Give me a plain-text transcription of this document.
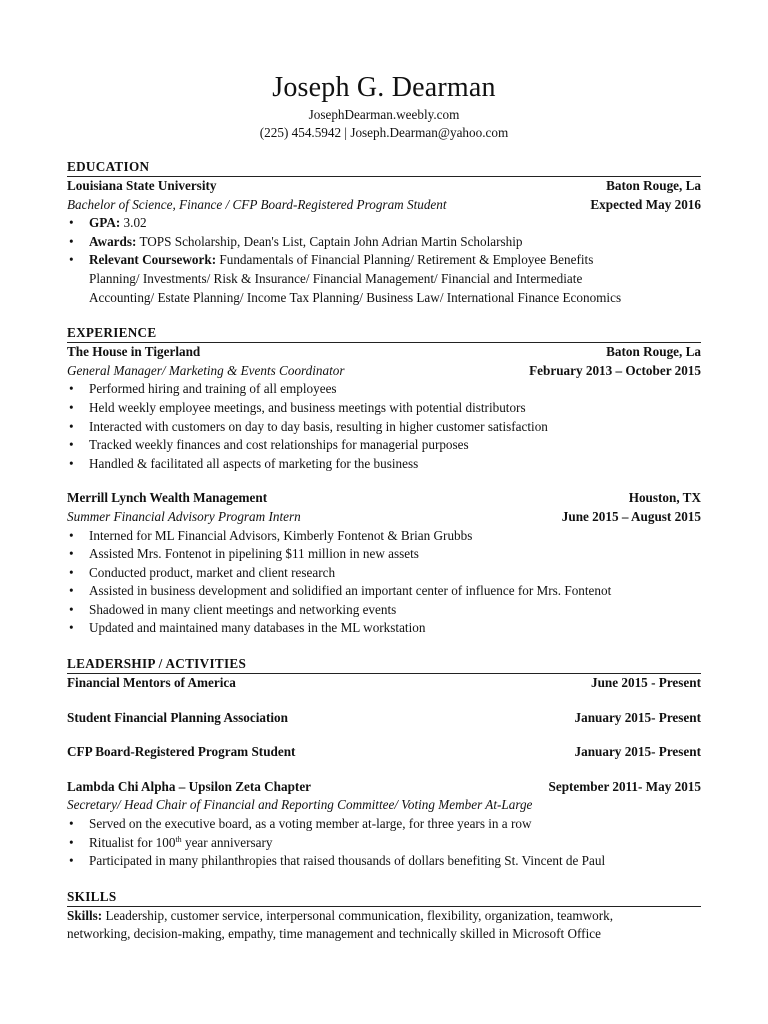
Joseph G. Dearman
JosephDearman.weebly.com
(225) 454.5942 | Joseph.Dearman@yahoo.com
EDUCATION
Louisiana State University	Baton Rouge, La
Bachelor of Science, Finance / CFP Board-Registered Program Student	Expected May 2016
• GPA: 3.02
• Awards: TOPS Scholarship, Dean's List, Captain John Adrian Martin Scholarship
• Relevant Coursework: Fundamentals of Financial Planning/ Retirement & Employee Benefits
Planning/ Investments/ Risk & Insurance/ Financial Management/ Financial and Intermediate
Accounting/ Estate Planning/ Income Tax Planning/ Business Law/ International Finance Economics
EXPERIENCE
The House in Tigerland	Baton Rouge, La
General Manager/ Marketing & Events Coordinator	February 2013 – October 2015
• Performed hiring and training of all employees
• Held weekly employee meetings, and business meetings with potential distributors
• Interacted with customers on day to day basis, resulting in higher customer satisfaction
• Tracked weekly finances and cost relationships for managerial purposes
• Handled & facilitated all aspects of marketing for the business
Merrill Lynch Wealth Management	Houston, TX
Summer Financial Advisory Program Intern	June 2015 – August 2015
• Interned for ML Financial Advisors, Kimberly Fontenot & Brian Grubbs
• Assisted Mrs. Fontenot in pipelining $11 million in new assets
• Conducted product, market and client research
• Assisted in business development and solidified an important center of influence for Mrs. Fontenot
• Shadowed in many client meetings and networking events
• Updated and maintained many databases in the ML workstation
LEADERSHIP / ACTIVITIES
Financial Mentors of America	June 2015 - Present
Student Financial Planning Association	January 2015- Present
CFP Board-Registered Program Student	January 2015- Present
Lambda Chi Alpha – Upsilon Zeta Chapter	September 2011- May 2015
Secretary/ Head Chair of Financial and Reporting Committee/ Voting Member At-Large
• Served on the executive board, as a voting member at-large, for three years in a row
• Ritualist for 100th year anniversary
• Participated in many philanthropies that raised thousands of dollars benefiting St. Vincent de Paul
SKILLS
Skills: Leadership, customer service, interpersonal communication, flexibility, organization, teamwork,
networking, decision-making, empathy, time management and technically skilled in Microsoft Office
